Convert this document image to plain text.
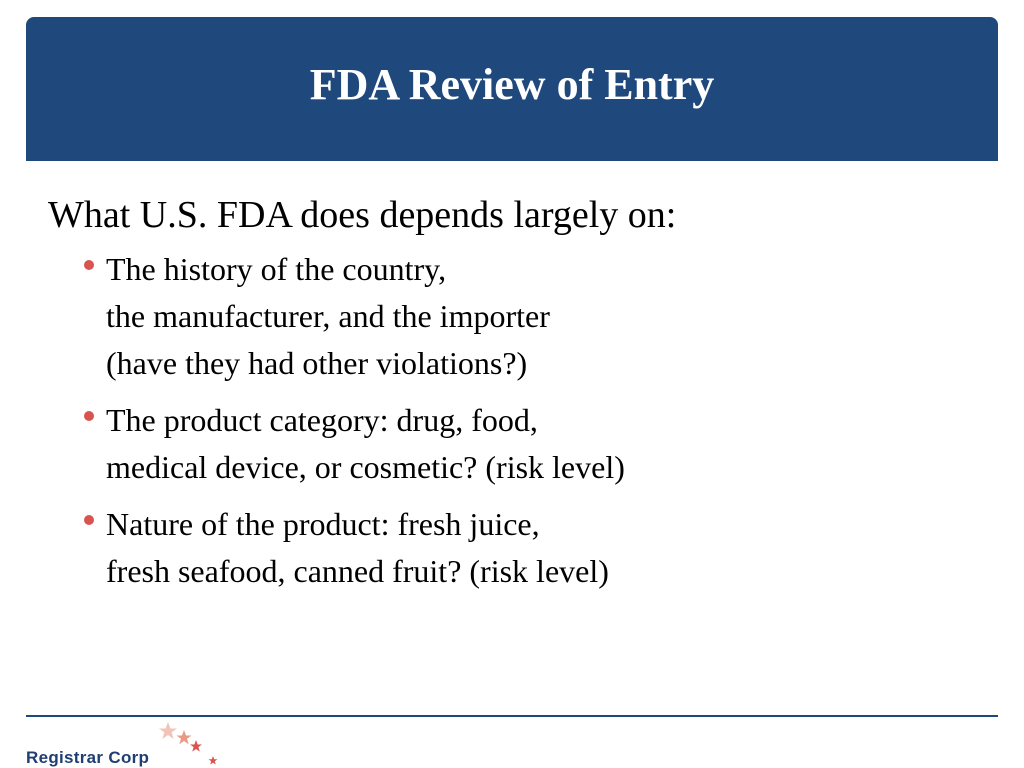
FDA Review of Entry

What U.S. FDA does depends largely on:

The history of the country,
the manufacturer, and the importer
(have they had other violations?)
The product category: drug, food,
medical device, or cosmetic? (risk level)
Nature of the product: fresh juice,
fresh seafood, canned fruit? (risk level)
Registrar Corp
